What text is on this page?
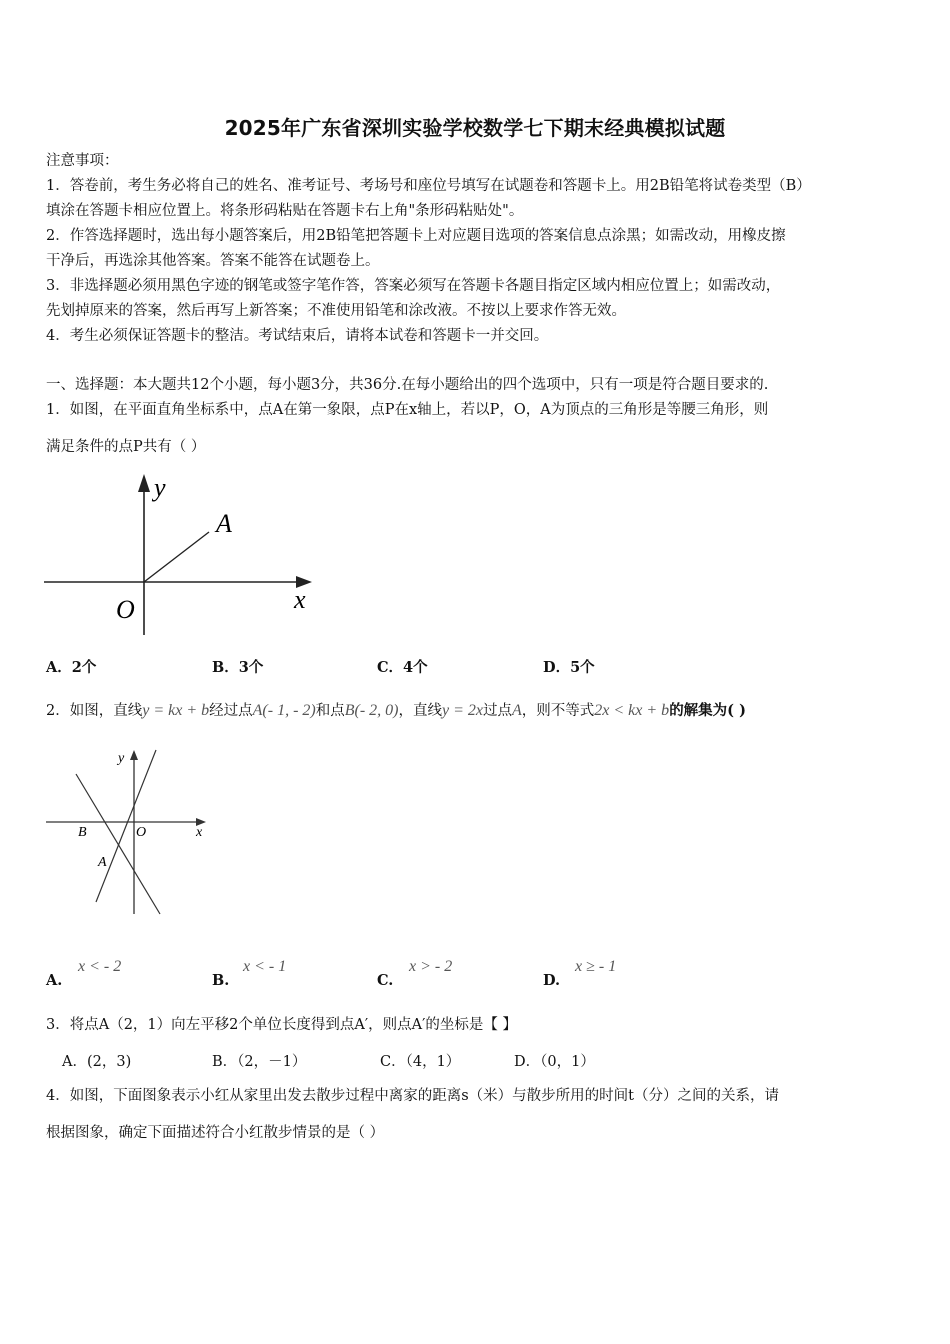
2025年广东省深圳实验学校数学七下期末经典模拟试题
注意事项：
1．答卷前，考生务必将自己的姓名、准考证号、考场号和座位号填写在试题卷和答题卡上。用2B铅笔将试卷类型（B）
填涂在答题卡相应位置上。将条形码粘贴在答题卡右上角"条形码粘贴处"。
2．作答选择题时，选出每小题答案后，用2B铅笔把答题卡上对应题目选项的答案信息点涂黑；如需改动，用橡皮擦
干净后，再选涂其他答案。答案不能答在试题卷上。
3．非选择题必须用黑色字迹的钢笔或签字笔作答，答案必须写在答题卡各题目指定区域内相应位置上；如需改动，
先划掉原来的答案，然后再写上新答案；不准使用铅笔和涂改液。不按以上要求作答无效。
4．考生必须保证答题卡的整洁。考试结束后，请将本试卷和答题卡一并交回。
一、选择题：本大题共12个小题，每小题3分，共36分.在每小题给出的四个选项中，只有一项是符合题目要求的.
1．如图，在平面直角坐标系中，点A在第一象限，点P在x轴上，若以P，O，A为顶点的三角形是等腰三角形，则
满足条件的点P共有（ ）
y
x
O
A
A．2个	B．3个	C．4个	D．5个
2．如图，直线y = kx + b经过点A(- 1, - 2)和点B(- 2, 0)，直线y = 2x过点A，则不等式2x < kx + b的解集为( )
y
x
O
B
A
A.
x < - 2
B.
x < - 1
C.
x > - 2
D.
x ≥ - 1
3．将点A（2，1）向左平移2个单位长度得到点A′，则点A′的坐标是【 】
A．(2，3)	B．（2，－1）	C．（4，1）	D．（0，1）
4．如图，下面图象表示小红从家里出发去散步过程中离家的距离s（米）与散步所用的时间t（分）之间的关系，请
根据图象，确定下面描述符合小红散步情景的是（ ）
